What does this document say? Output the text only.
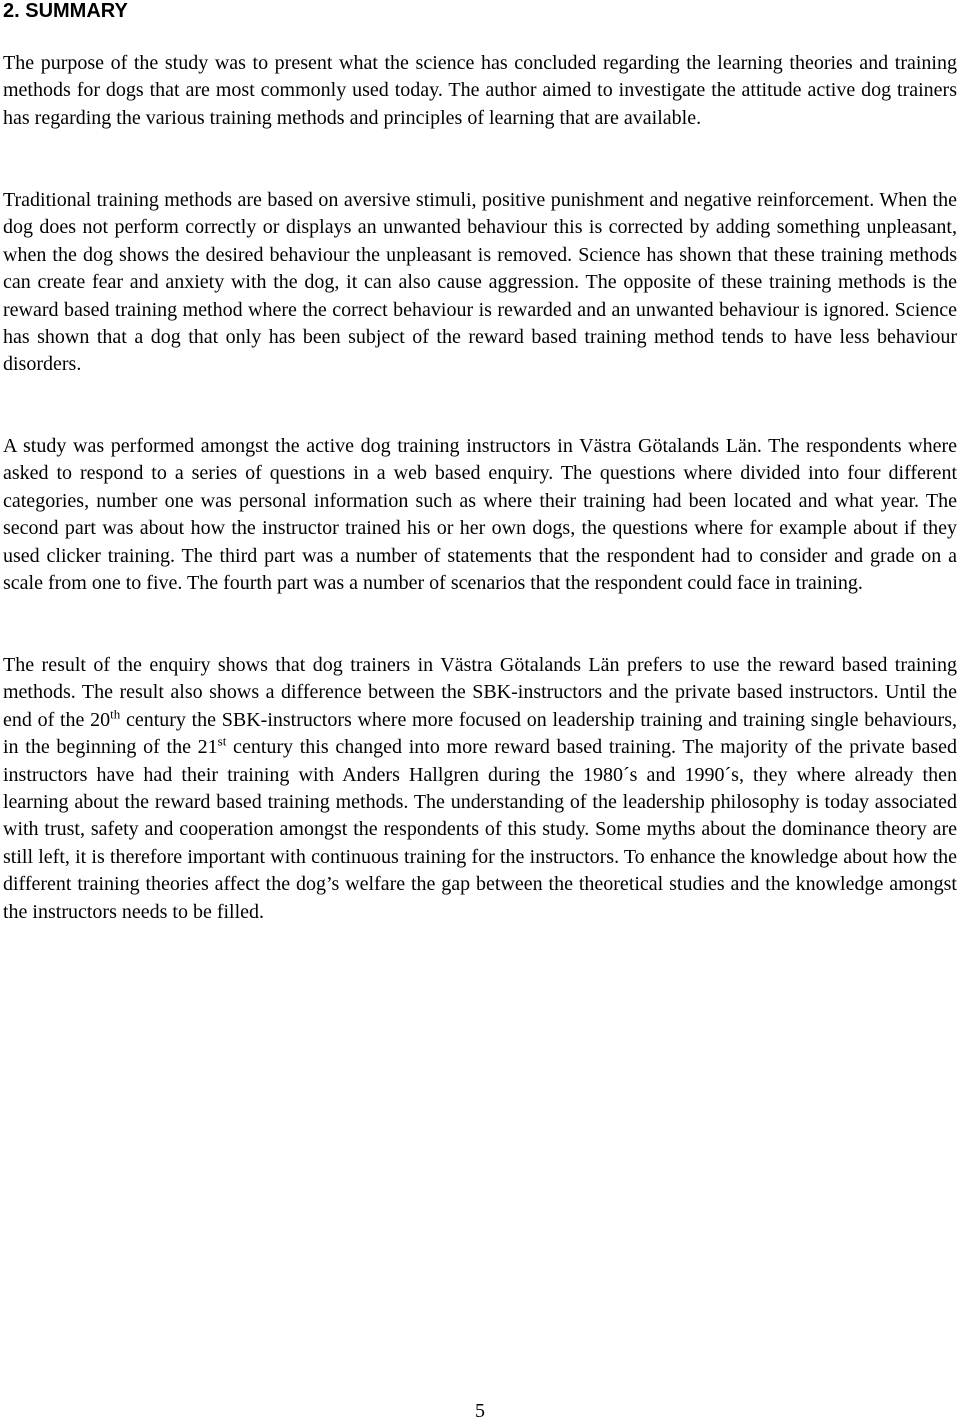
2. SUMMARY

The purpose of the study was to present what the science has concluded regarding the learning theories and training methods for dogs that are most commonly used today. The author aimed to investigate the attitude active dog trainers has regarding the various training methods and principles of learning that are available.

Traditional training methods are based on aversive stimuli, positive punishment and negative reinforcement. When the dog does not perform correctly or displays an unwanted behaviour this is corrected by adding something unpleasant, when the dog shows the desired behaviour the unpleasant is removed. Science has shown that these training methods can create fear and anxiety with the dog, it can also cause aggression. The opposite of these training methods is the reward based training method where the correct behaviour is rewarded and an unwanted behaviour is ignored. Science has shown that a dog that only has been subject of the reward based training method tends to have less behaviour disorders.

A study was performed amongst the active dog training instructors in Västra Götalands Län. The respondents where asked to respond to a series of questions in a web based enquiry. The questions where divided into four different categories, number one was personal information such as where their training had been located and what year. The second part was about how the instructor trained his or her own dogs, the questions where for example about if they used clicker training. The third part was a number of statements that the respondent had to consider and grade on a scale from one to five. The fourth part was a number of scenarios that the respondent could face in training.

The result of the enquiry shows that dog trainers in Västra Götalands Län prefers to use the reward based training methods. The result also shows a difference between the SBK-instructors and the private based instructors. Until the end of the 20th century the SBK-instructors where more focused on leadership training and training single behaviours, in the beginning of the 21st century this changed into more reward based training. The majority of the private based instructors have had their training with Anders Hallgren during the 1980´s and 1990´s, they where already then learning about the reward based training methods. The understanding of the leadership philosophy is today associated with trust, safety and cooperation amongst the respondents of this study. Some myths about the dominance theory are still left, it is therefore important with continuous training for the instructors. To enhance the knowledge about how the different training theories affect the dog’s welfare the gap between the theoretical studies and the knowledge amongst the instructors needs to be filled.

5
